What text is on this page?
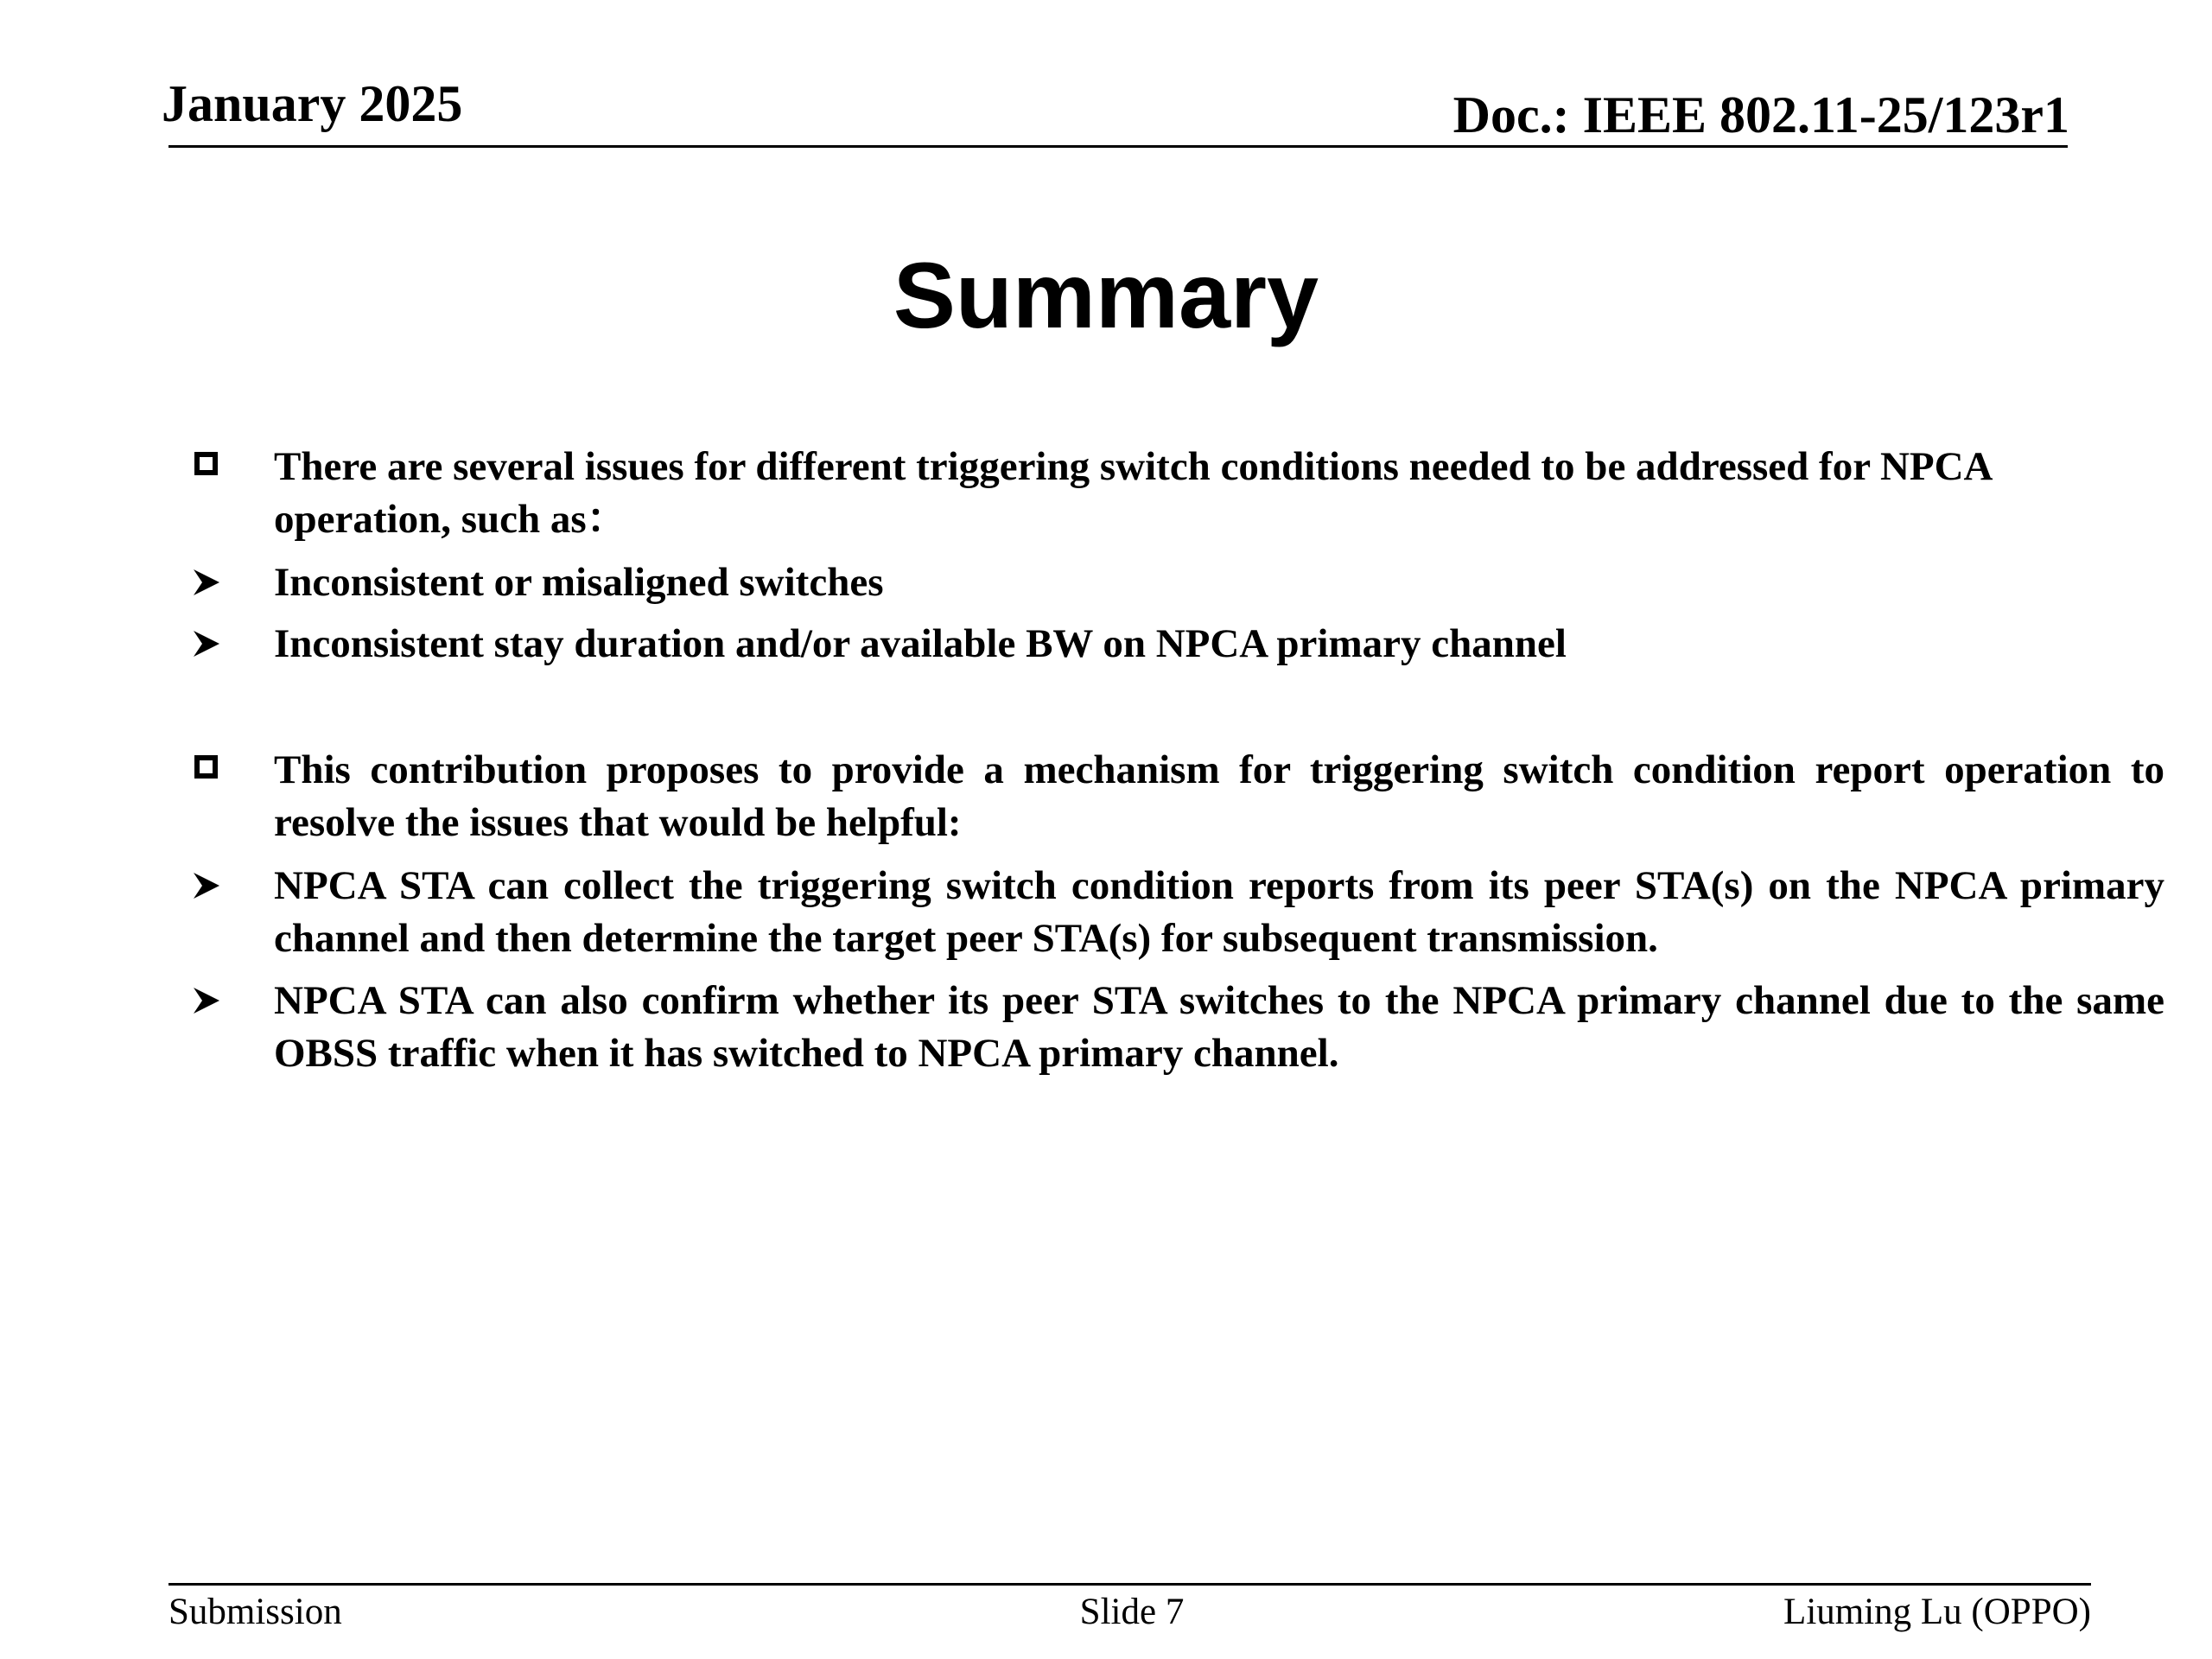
January 2025	Doc.: IEEE 802.11-25/123r1
Summary
There are several issues for different triggering switch conditions needed to be addressed for NPCA operation, such as：
Inconsistent or misaligned switches
Inconsistent stay duration and/or available BW on NPCA primary channel
This contribution proposes to provide a mechanism for triggering switch condition report operation to resolve the issues that would be helpful:
NPCA STA can collect the triggering switch condition reports from its peer STA(s) on the NPCA primary channel and then determine the target peer STA(s) for subsequent transmission.
NPCA STA can also confirm whether its peer STA switches to the NPCA primary channel due to the same OBSS traffic when it has switched to NPCA primary channel.
Submission	Slide 7	Liuming Lu (OPPO)
